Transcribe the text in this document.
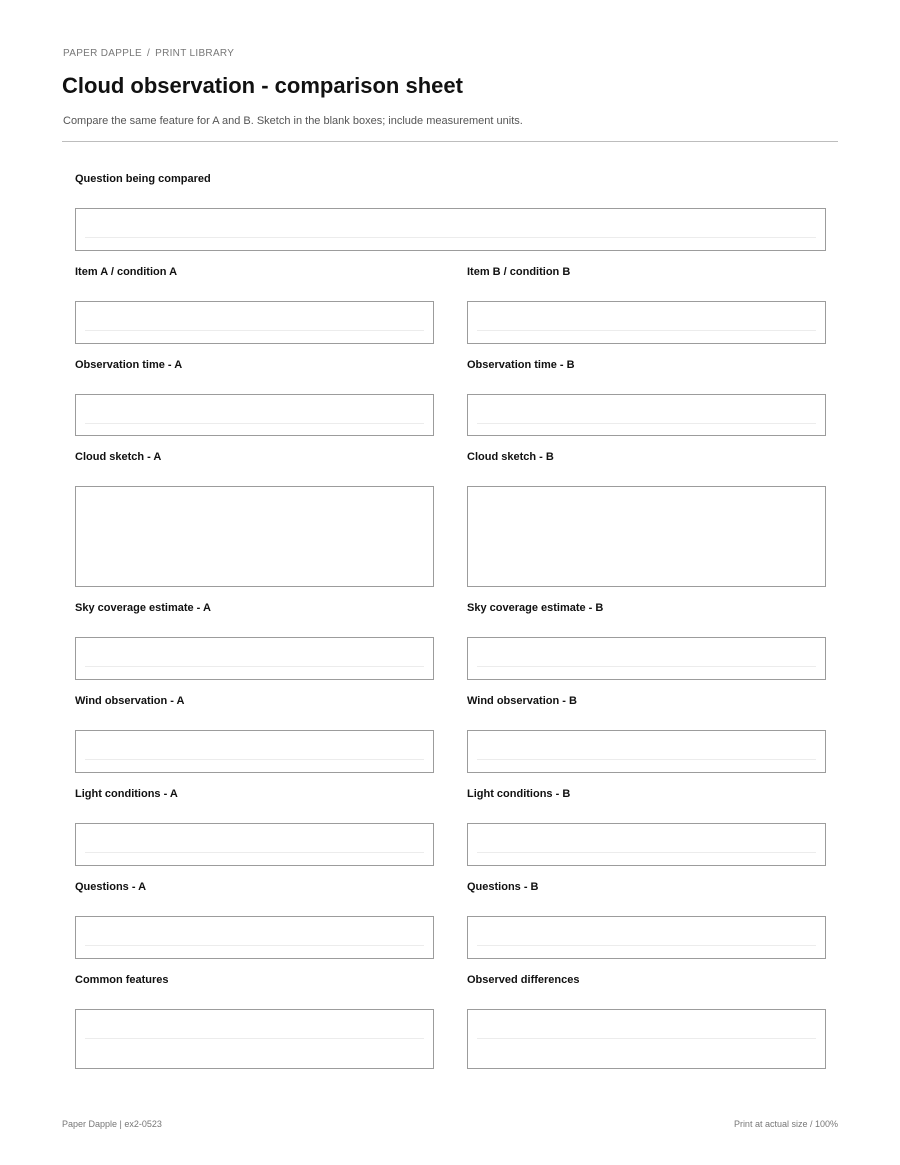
PAPER DAPPLE / PRINT LIBRARY
Cloud observation - comparison sheet
Compare the same feature for A and B. Sketch in the blank boxes; include measurement units.
Question being compared
Item A / condition A	Item B / condition B
Observation time - A	Observation time - B
Cloud sketch - A	Cloud sketch - B
Sky coverage estimate - A	Sky coverage estimate - B
Wind observation - A	Wind observation - B
Light conditions - A	Light conditions - B
Questions - A	Questions - B
Common features	Observed differences
Paper Dapple | ex2-0523	Print at actual size / 100%
